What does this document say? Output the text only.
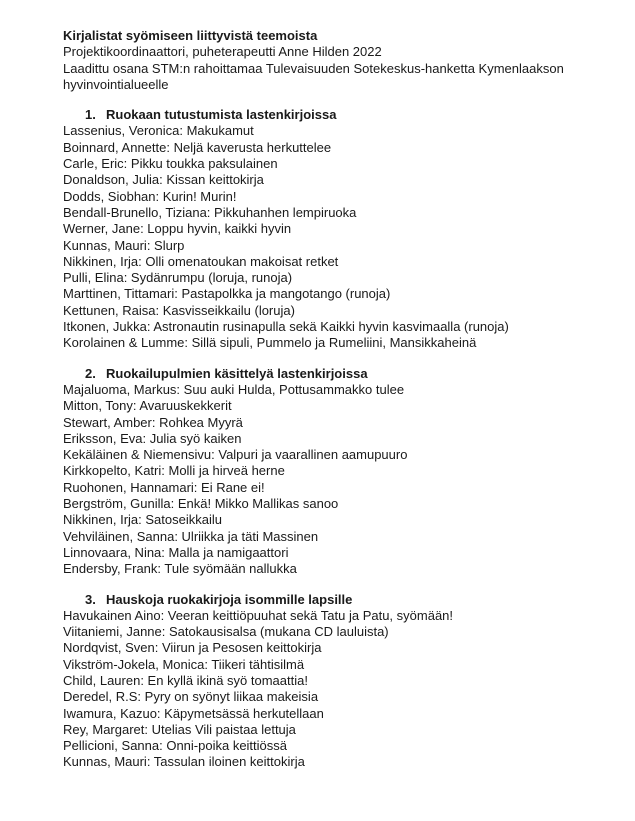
Kirjalistat syömiseen liittyvistä teemoista
Projektikoordinaattori, puheterapeutti Anne Hilden 2022
Laadittu osana STM:n rahoittamaa Tulevaisuuden Sotekeskus-hanketta Kymenlaakson
hyvinvointialueelle
1. Ruokaan tutustumista lastenkirjoissa
Lassenius, Veronica: Makukamut
Boinnard, Annette: Neljä kaverusta herkuttelee
Carle, Eric: Pikku toukka paksulainen
Donaldson, Julia: Kissan keittokirja
Dodds, Siobhan: Kurin! Murin!
Bendall-Brunello, Tiziana: Pikkuhanhen lempiruoka
Werner, Jane: Loppu hyvin, kaikki hyvin
Kunnas, Mauri: Slurp
Nikkinen, Irja: Olli omenatoukan makoisat retket
Pulli, Elina: Sydänrumpu (loruja, runoja)
Marttinen, Tittamari: Pastapolkka ja mangotango (runoja)
Kettunen, Raisa: Kasvisseikkailu (loruja)
Itkonen, Jukka: Astronautin rusinapulla sekä Kaikki hyvin kasvimaalla (runoja)
Korolainen & Lumme: Sillä sipuli, Pummelo ja Rumeliini, Mansikkaheinä
2. Ruokailupulmien käsittelyä lastenkirjoissa
Majaluoma, Markus: Suu auki Hulda, Pottusammakko tulee
Mitton, Tony: Avaruuskekkerit
Stewart, Amber: Rohkea Myyrä
Eriksson, Eva: Julia syö kaiken
Kekäläinen & Niemensivu: Valpuri ja vaarallinen aamupuuro
Kirkkopelto, Katri: Molli ja hirveä herne
Ruohonen, Hannamari: Ei Rane ei!
Bergström, Gunilla: Enkä! Mikko Mallikas sanoo
Nikkinen, Irja: Satoseikkailu
Vehviläinen, Sanna: Ulriikka ja täti Massinen
Linnovaara, Nina: Malla ja namigaattori
Endersby, Frank: Tule syömään nallukka
3. Hauskoja ruokakirjoja isommille lapsille
Havukainen Aino: Veeran keittiöpuuhat sekä Tatu ja Patu, syömään!
Viitaniemi, Janne: Satokausisalsa (mukana CD lauluista)
Nordqvist, Sven: Viirun ja Pesosen keittokirja
Vikström-Jokela, Monica: Tiikeri tähtisilmä
Child, Lauren: En kyllä ikinä syö tomaattia!
Deredel, R.S: Pyry on syönyt liikaa makeisia
Iwamura, Kazuo: Käpymetsässä herkutellaan
Rey, Margaret: Utelias Vili paistaa lettuja
Pellicioni, Sanna: Onni-poika keittiössä
Kunnas, Mauri: Tassulan iloinen keittokirja
